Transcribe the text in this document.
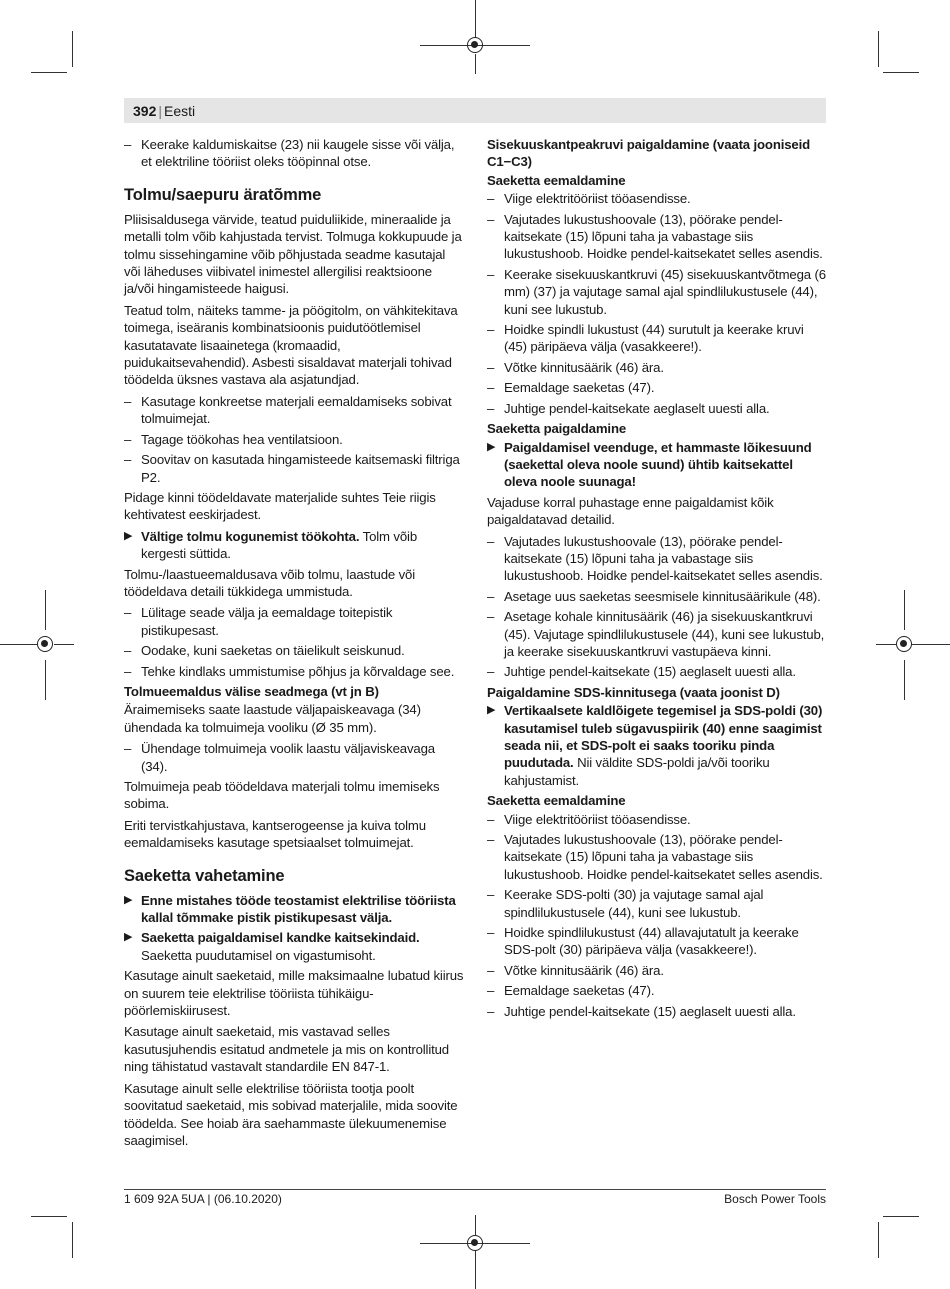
392 | Eesti
– Keerake kaldumiskaitse (23) nii kaugele sisse või välja, et elektriline tööriist oleks tööpinnal otse.
Tolmu/saepuru äratõmme
Pliisisaldusega värvide, teatud puiduliikide, mineraalide ja metalli tolm võib kahjustada tervist. Tolmuga kokkupuude ja tolmu sissehingamine võib põhjustada seadme kasutajal või läheduses viibivatel inimestel allergilisi reaktsioone ja/või hingamisteede haigusi.
Teatud tolm, näiteks tamme- ja pöögitolm, on vähkitekitava toimega, iseäranis kombinatsioonis puidutöötlemisel kasutatavate lisaainetega (kromaadid, puidukaitsevahendid). Asbesti sisaldavat materjali tohivad töödelda üksnes vastava ala asjatundjad.
– Kasutage konkreetse materjali eemaldamiseks sobivat tolmuimejat.
– Tagage töökohas hea ventilatsioon.
– Soovitav on kasutada hingamisteede kaitsemaski filtriga P2.
Pidage kinni töödeldavate materjalide suhtes Teie riigis kehtivatest eeskirjadest.
▶ Vältige tolmu kogunemist töökohta. Tolm võib kergesti süttida.
Tolmu-/laastueemaldusava võib tolmu, laastude või töödeldava detaili tükkidega ummistuda.
– Lülitage seade välja ja eemaldage toitepistik pistikupesast.
– Oodake, kuni saeketas on täielikult seiskunud.
– Tehke kindlaks ummistumise põhjus ja kõrvaldage see.
Tolmueemaldus välise seadmega (vt jn B)
Äraimemiseks saate laastude väljapaiskeavaga (34) ühendada ka tolmuimeja vooliku (Ø 35 mm).
– Ühendage tolmuimeja voolik laastu väljaviskeavaga (34).
Tolmuimeja peab töödeldava materjali tolmu imemiseks sobima.
Eriti tervistkahjustava, kantserogeense ja kuiva tolmu eemaldamiseks kasutage spetsiaalset tolmuimejat.
Saeketta vahetamine
▶ Enne mistahes tööde teostamist elektrilise tööriista kallal tõmmake pistik pistikupesast välja.
▶ Saeketta paigaldamisel kandke kaitsekindaid. Saeketta puudutamisel on vigastumisoht.
Kasutage ainult saeketaid, mille maksimaalne lubatud kiirus on suurem teie elektrilise tööriista tühikäigu-pöörlemiskiirusest.
Kasutage ainult saeketaid, mis vastavad selles kasutusjuhendis esitatud andmetele ja mis on kontrollitud ning tähistatud vastavalt standardile EN 847-1.
Kasutage ainult selle elektrilise tööriista tootja poolt soovitatud saeketaid, mis sobivad materjalile, mida soovite töödelda. See hoiab ära saehammaste ülekuumenemise saagimisel.
Sisekuuskantpeakruvi paigaldamine (vaata jooniseid C1−C3)
Saeketta eemaldamine
– Viige elektritööriist tööasendisse.
– Vajutades lukustushoovale (13), pöörake pendel-kaitsekate (15) lõpuni taha ja vabastage siis lukustushoob. Hoidke pendel-kaitsekatet selles asendis.
– Keerake sisekuuskantkruvi (45) sisekuuskantvõtmega (6 mm) (37) ja vajutage samal ajal spindlilukustusele (44), kuni see lukustub.
– Hoidke spindli lukustust (44) surutult ja keerake kruvi (45) päripäeva välja (vasakkeere!).
– Võtke kinnitusäärik (46) ära.
– Eemaldage saeketas (47).
– Juhtige pendel-kaitsekate aeglaselt uuesti alla.
Saeketta paigaldamine
▶ Paigaldamisel veenduge, et hammaste lõikesuund (saekettal oleva noole suund) ühtib kaitsekattel oleva noole suunaga!
Vajaduse korral puhastage enne paigaldamist kõik paigaldatavad detailid.
– Vajutades lukustushoovale (13), pöörake pendel-kaitsekate (15) lõpuni taha ja vabastage siis lukustushoob. Hoidke pendel-kaitsekatet selles asendis.
– Asetage uus saeketas seesmisele kinnitusäärikule (48).
– Asetage kohale kinnitusäärik (46) ja sisekuuskantkruvi (45). Vajutage spindlilukustusele (44), kuni see lukustub, ja keerake sisekuuskantkruvi vastupäeva kinni.
– Juhtige pendel-kaitsekate (15) aeglaselt uuesti alla.
Paigaldamine SDS-kinnitusega (vaata joonist D)
▶ Vertikaalsete kaldlõigete tegemisel ja SDS-poldi (30) kasutamisel tuleb sügavuspiirik (40) enne saagimist seada nii, et SDS-polt ei saaks tooriku pinda puudutada. Nii väldite SDS-poldi ja/või tooriku kahjustamist.
Saeketta eemaldamine
– Viige elektritööriist tööasendisse.
– Vajutades lukustushoovale (13), pöörake pendel-kaitsekate (15) lõpuni taha ja vabastage siis lukustushoob. Hoidke pendel-kaitsekatet selles asendis.
– Keerake SDS-polti (30) ja vajutage samal ajal spindlilukustusele (44), kuni see lukustub.
– Hoidke spindlilukustust (44) allavajutatult ja keerake SDS-polt (30) päripäeva välja (vasakkeere!).
– Võtke kinnitusäärik (46) ära.
– Eemaldage saeketas (47).
– Juhtige pendel-kaitsekate (15) aeglaselt uuesti alla.
1 609 92A 5UA | (06.10.2020)	Bosch Power Tools
